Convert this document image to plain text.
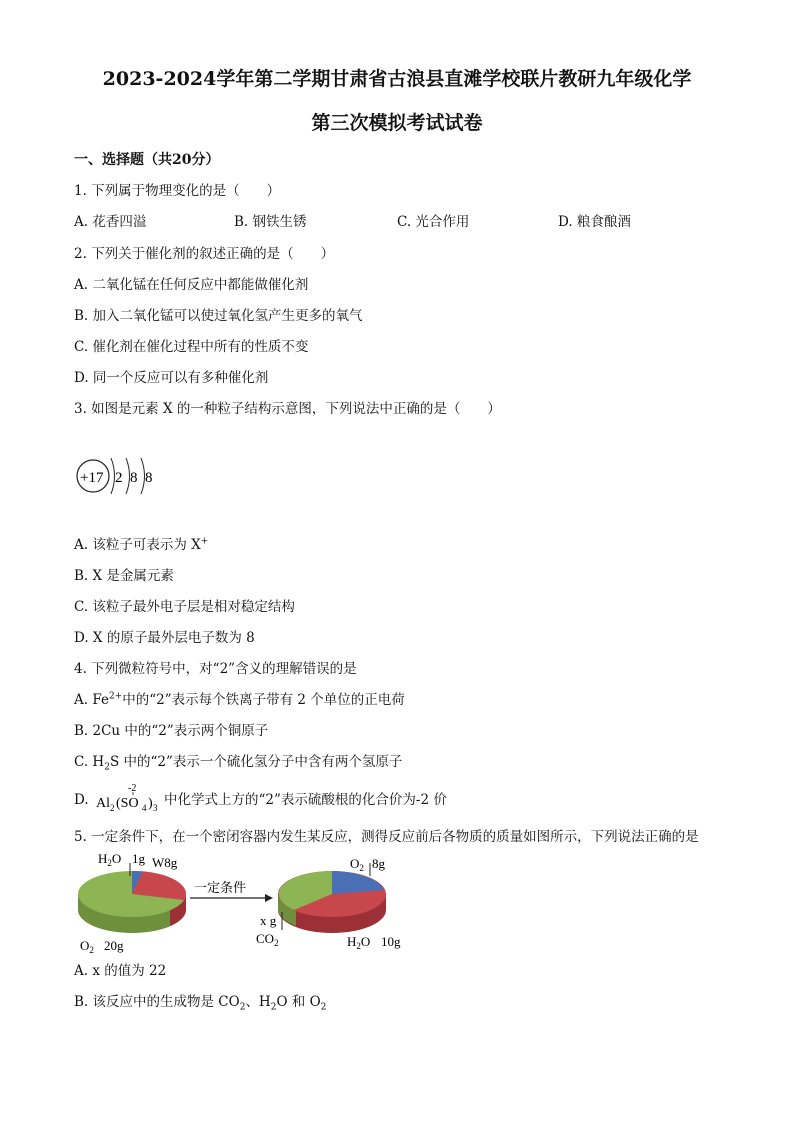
2023-2024学年第二学期甘肃省古浪县直滩学校联片教研九年级化学
第三次模拟考试试卷
一、选择题（共20分）
1. 下列属于物理变化的是（　　）
A. 花香四溢	B. 钢铁生锈	C. 光合作用	D. 粮食酿酒
2. 下列关于催化剂的叙述正确的是（　　）
A. 二氧化锰在任何反应中都能做催化剂
B. 加入二氧化锰可以使过氧化氢产生更多的氧气
C. 催化剂在催化过程中所有的性质不变
D. 同一个反应可以有多种催化剂
3. 如图是元素 X 的一种粒子结构示意图，下列说法中正确的是（　　）
+17 2 8 8
A. 该粒子可表示为 X+
B. X 是金属元素
C. 该粒子最外电子层是相对稳定结构
D. X 的原子最外层电子数为 8
4. 下列微粒符号中，对“2”含义的理解错误的是
A. $Fe^{2+}$中的“2”表示每个铁离子带有 2 个单位的正电荷
B. 2Cu 中的“2”表示两个铜原子
C. $H_2S$ 中的“2”表示一个硫化氢分子中含有两个氢原子
D. Al 2 (SO 4 ) 3
-2
中化学式上方的“2”表示硫酸根的化合价为-2 价
5. 一定条件下，在一个密闭容器内发生某反应，测得反应前后各物质的质量如图所示，下列说法正确的是
$H_2O$ 1g W8g
$O_2$ 20g
一定条件
$O_2$ 8g
x g
$CO_2$	$H_2O$ 10g
A. x 的值为 22
B. 该反应中的生成物是 $CO_2$、$H_2O$ 和 $O_2$
